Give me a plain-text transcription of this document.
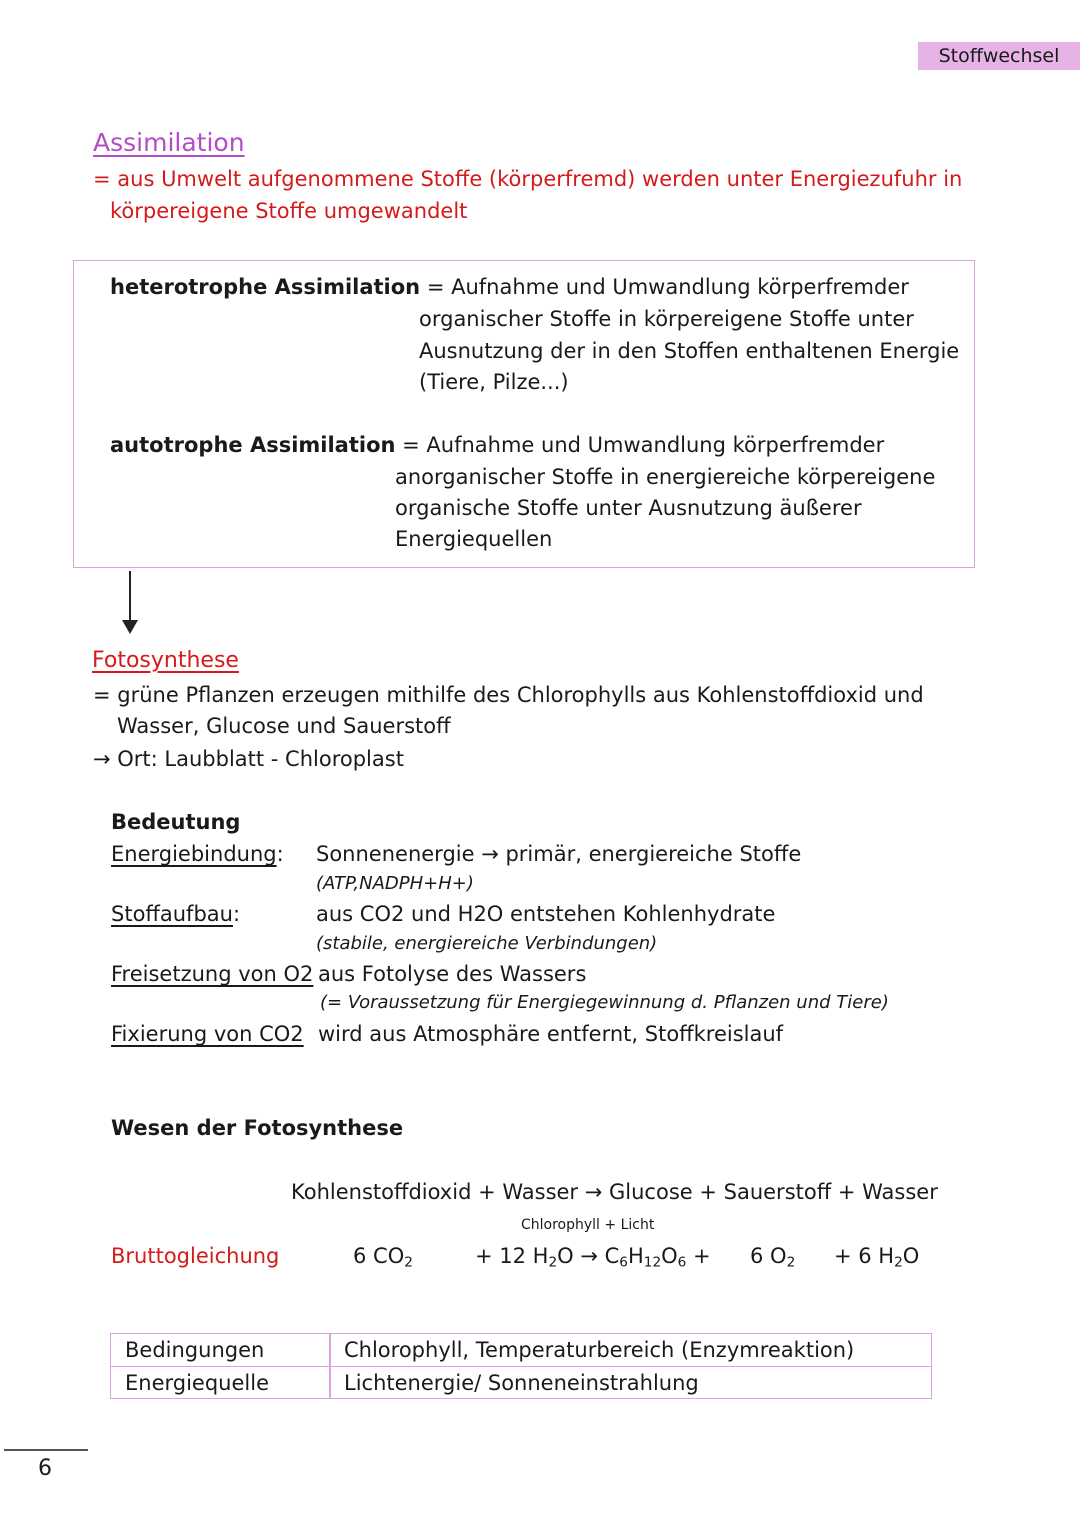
Stoffwechsel
Assimilation
= aus Umwelt aufgenommene Stoffe (körperfremd) werden unter Energiezufuhr in
körpereigene Stoffe umgewandelt
heterotrophe Assimilation = Aufnahme und Umwandlung körperfremder
organischer Stoffe in körpereigene Stoffe unter
Ausnutzung der in den Stoffen enthaltenen Energie
(Tiere, Pilze...)
autotrophe Assimilation = Aufnahme und Umwandlung körperfremder
anorganischer Stoffe in energiereiche körpereigene
organische Stoffe unter Ausnutzung äußerer
Energiequellen
Fotosynthese
= grüne Pflanzen erzeugen mithilfe des Chlorophylls aus Kohlenstoffdioxid und
Wasser, Glucose und Sauerstoff
→ Ort: Laubblatt - Chloroplast
Bedeutung
Energiebindung: Sonnenenergie → primär, energiereiche Stoffe
(ATP,NADPH+H+)
Stoffaufbau:	aus CO2 und H2O entstehen Kohlenhydrate
(stabile, energiereiche Verbindungen)
Freisetzung von O2 aus Fotolyse des Wassers
(= Voraussetzung für Energiegewinnung d. Pflanzen und Tiere)
Fixierung von CO2 wird aus Atmosphäre entfernt, Stoffkreislauf
Wesen der Fotosynthese
Kohlenstoffdioxid + Wasser → Glucose + Sauerstoff + Wasser
Chlorophyll + Licht
Bruttogleichung	6 $CO_2$	+ 12 $H_2O \to C_6H_{12}O_6 + 6$ $O_2 + 6$ $H_2O$
Bedingungen	Chlorophyll, Temperaturbereich (Enzymreaktion)
Energiequelle	Lichtenergie/ Sonneneinstrahlung
6
